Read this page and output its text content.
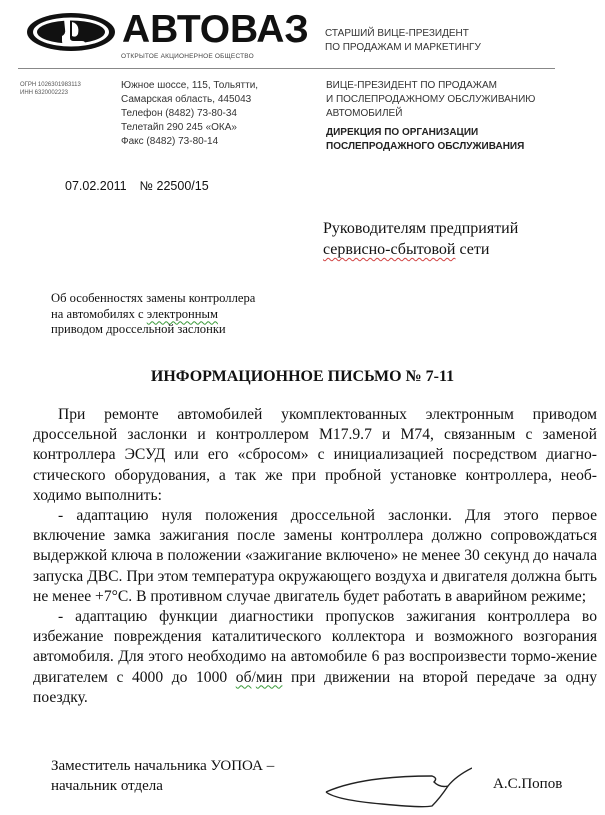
АВТОВАЗ
ОТКРЫТОЕ АКЦИОНЕРНОЕ ОБЩЕСТВО
СТАРШИЙ ВИЦЕ-ПРЕЗИДЕНТ
ПО ПРОДАЖАМ И МАРКЕТИНГУ
ОГРН 1026301983113
ИНН 6320002223
Южное шоссе, 115, Тольятти,
Самарская область, 445043
Телефон (8482) 73-80-34
Телетайп 290 245 «ОКА»
Факс (8482) 73-80-14
ВИЦЕ-ПРЕЗИДЕНТ ПО ПРОДАЖАМ
И ПОСЛЕПРОДАЖНОМУ ОБСЛУЖИВАНИЮ
АВТОМОБИЛЕЙ
ДИРЕКЦИЯ ПО ОРГАНИЗАЦИИ
ПОСЛЕПРОДАЖНОГО ОБСЛУЖИВАНИЯ
07.02.2011 № 22500/15
Руководителям предприятий
сервисно-сбытовой сети
Об особенностях замены контроллера
на автомобилях с электронным
приводом дроссельной заслонки
ИНФОРМАЦИОННОЕ ПИСЬМО № 7-11

При ремонте автомобилей укомплектованных электронным приводом дроссельной заслонки и контроллером M17.9.7 и M74, связанным с заменой контроллера ЭСУД или его «сбросом» с инициализацией посредством диагно-стического оборудования, а так же при пробной установке контроллера, необ-ходимо выполнить:

- адаптацию нуля положения дроссельной заслонки. Для этого первое включение замка зажигания после замены контроллера должно сопровождаться выдержкой ключа в положении «зажигание включено» не менее 30 секунд до начала запуска ДВС. При этом температура окружающего воздуха и двигателя должна быть не менее +7°С. В противном случае двигатель будет работать в аварийном режиме;

- адаптацию функции диагностики пропусков зажигания контроллера во избежание повреждения каталитического коллектора и возможного возгорания автомобиля. Для этого необходимо на автомобиле 6 раз воспроизвести тормо-жение двигателем с 4000 до 1000 об/мин при движении на второй передаче за одну поездку.

Заместитель начальника УОПОА –
начальник отдела	А.С.Попов
